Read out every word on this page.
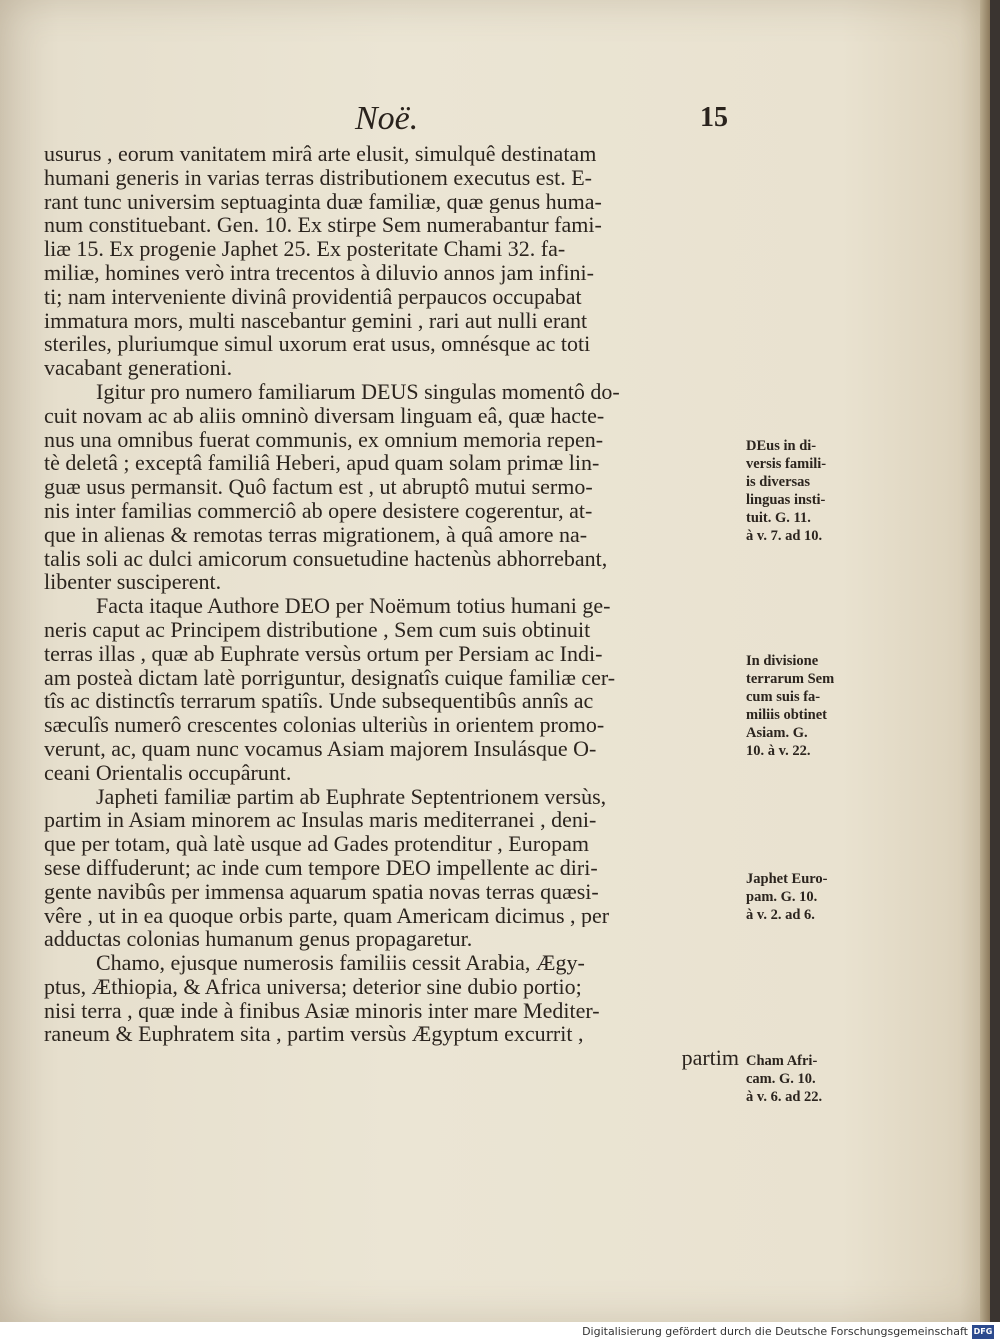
Noë.	15
usurus , eorum vanitatem mirâ arte elusit, simulquê destinatam
humani generis in varias terras distributionem executus est. E-
rant tunc universim septuaginta duæ familiæ, quæ genus huma-
num constituebant. Gen. 10. Ex stirpe Sem numerabantur fami-
liæ 15. Ex progenie Japhet 25. Ex posteritate Chami 32. fa-
miliæ, homines verò intra trecentos à diluvio annos jam infini-
ti; nam interveniente divinâ providentiâ perpaucos occupabat
immatura mors, multi nascebantur gemini , rari aut nulli erant
steriles, pluriumque simul uxorum erat usus, omnésque ac toti
vacabant generationi.
Igitur pro numero familiarum DEUS singulas momentô do-
cuit novam ac ab aliis omninò diversam linguam eâ, quæ hacte-
nus una omnibus fuerat communis, ex omnium memoria repen-
tè deletâ ; exceptâ familiâ Heberi, apud quam solam primæ lin-
guæ usus permansit. Quô factum est , ut abruptô mutui sermo-
nis inter familias commerciô ab opere desistere cogerentur, at-
que in alienas & remotas terras migrationem, à quâ amore na-
talis soli ac dulci amicorum consuetudine hactenùs abhorrebant,
libenter susciperent.
Facta itaque Authore DEO per Noëmum totius humani ge-
neris caput ac Principem distributione , Sem cum suis obtinuit
terras illas , quæ ab Euphrate versùs ortum per Persiam ac Indi-
am posteà dictam latè porriguntur, designatîs cuique familiæ cer-
tîs ac distinctîs terrarum spatiîs. Unde subsequentibûs annîs ac
sæculîs numerô crescentes colonias ulteriùs in orientem promo-
verunt, ac, quam nunc vocamus Asiam majorem Insulásque O-
ceani Orientalis occupârunt.
Japheti familiæ partim ab Euphrate Septentrionem versùs,
partim in Asiam minorem ac Insulas maris mediterranei , deni-
que per totam, quà latè usque ad Gades protenditur , Europam
sese diffuderunt; ac inde cum tempore DEO impellente ac diri-
gente navibûs per immensa aquarum spatia novas terras quæsi-
vêre , ut in ea quoque orbis parte, quam Americam dicimus , per
adductas colonias humanum genus propagaretur.
Chamo, ejusque numerosis familiis cessit Arabia, Ægy-
ptus, Æthiopia, & Africa universa; deterior sine dubio portio;
nisi terra , quæ inde à finibus Asiæ minoris inter mare Mediter-
raneum & Euphratem sita , partim versùs Ægyptum excurrit ,
partim
DEus in di-
versis famili-
is diversas
linguas insti-
tuit. G. 11.
à v. 7. ad 10.
In divisione
terrarum Sem
cum suis fa-
miliis obtinet
Asiam. G.
10. à v. 22.
Japhet Euro-
pam. G. 10.
à v. 2. ad 6.
Cham Afri-
cam. G. 10.
à v. 6. ad 22.
Digitalisierung gefördert durch die Deutsche Forschungsgemeinschaft DFG
